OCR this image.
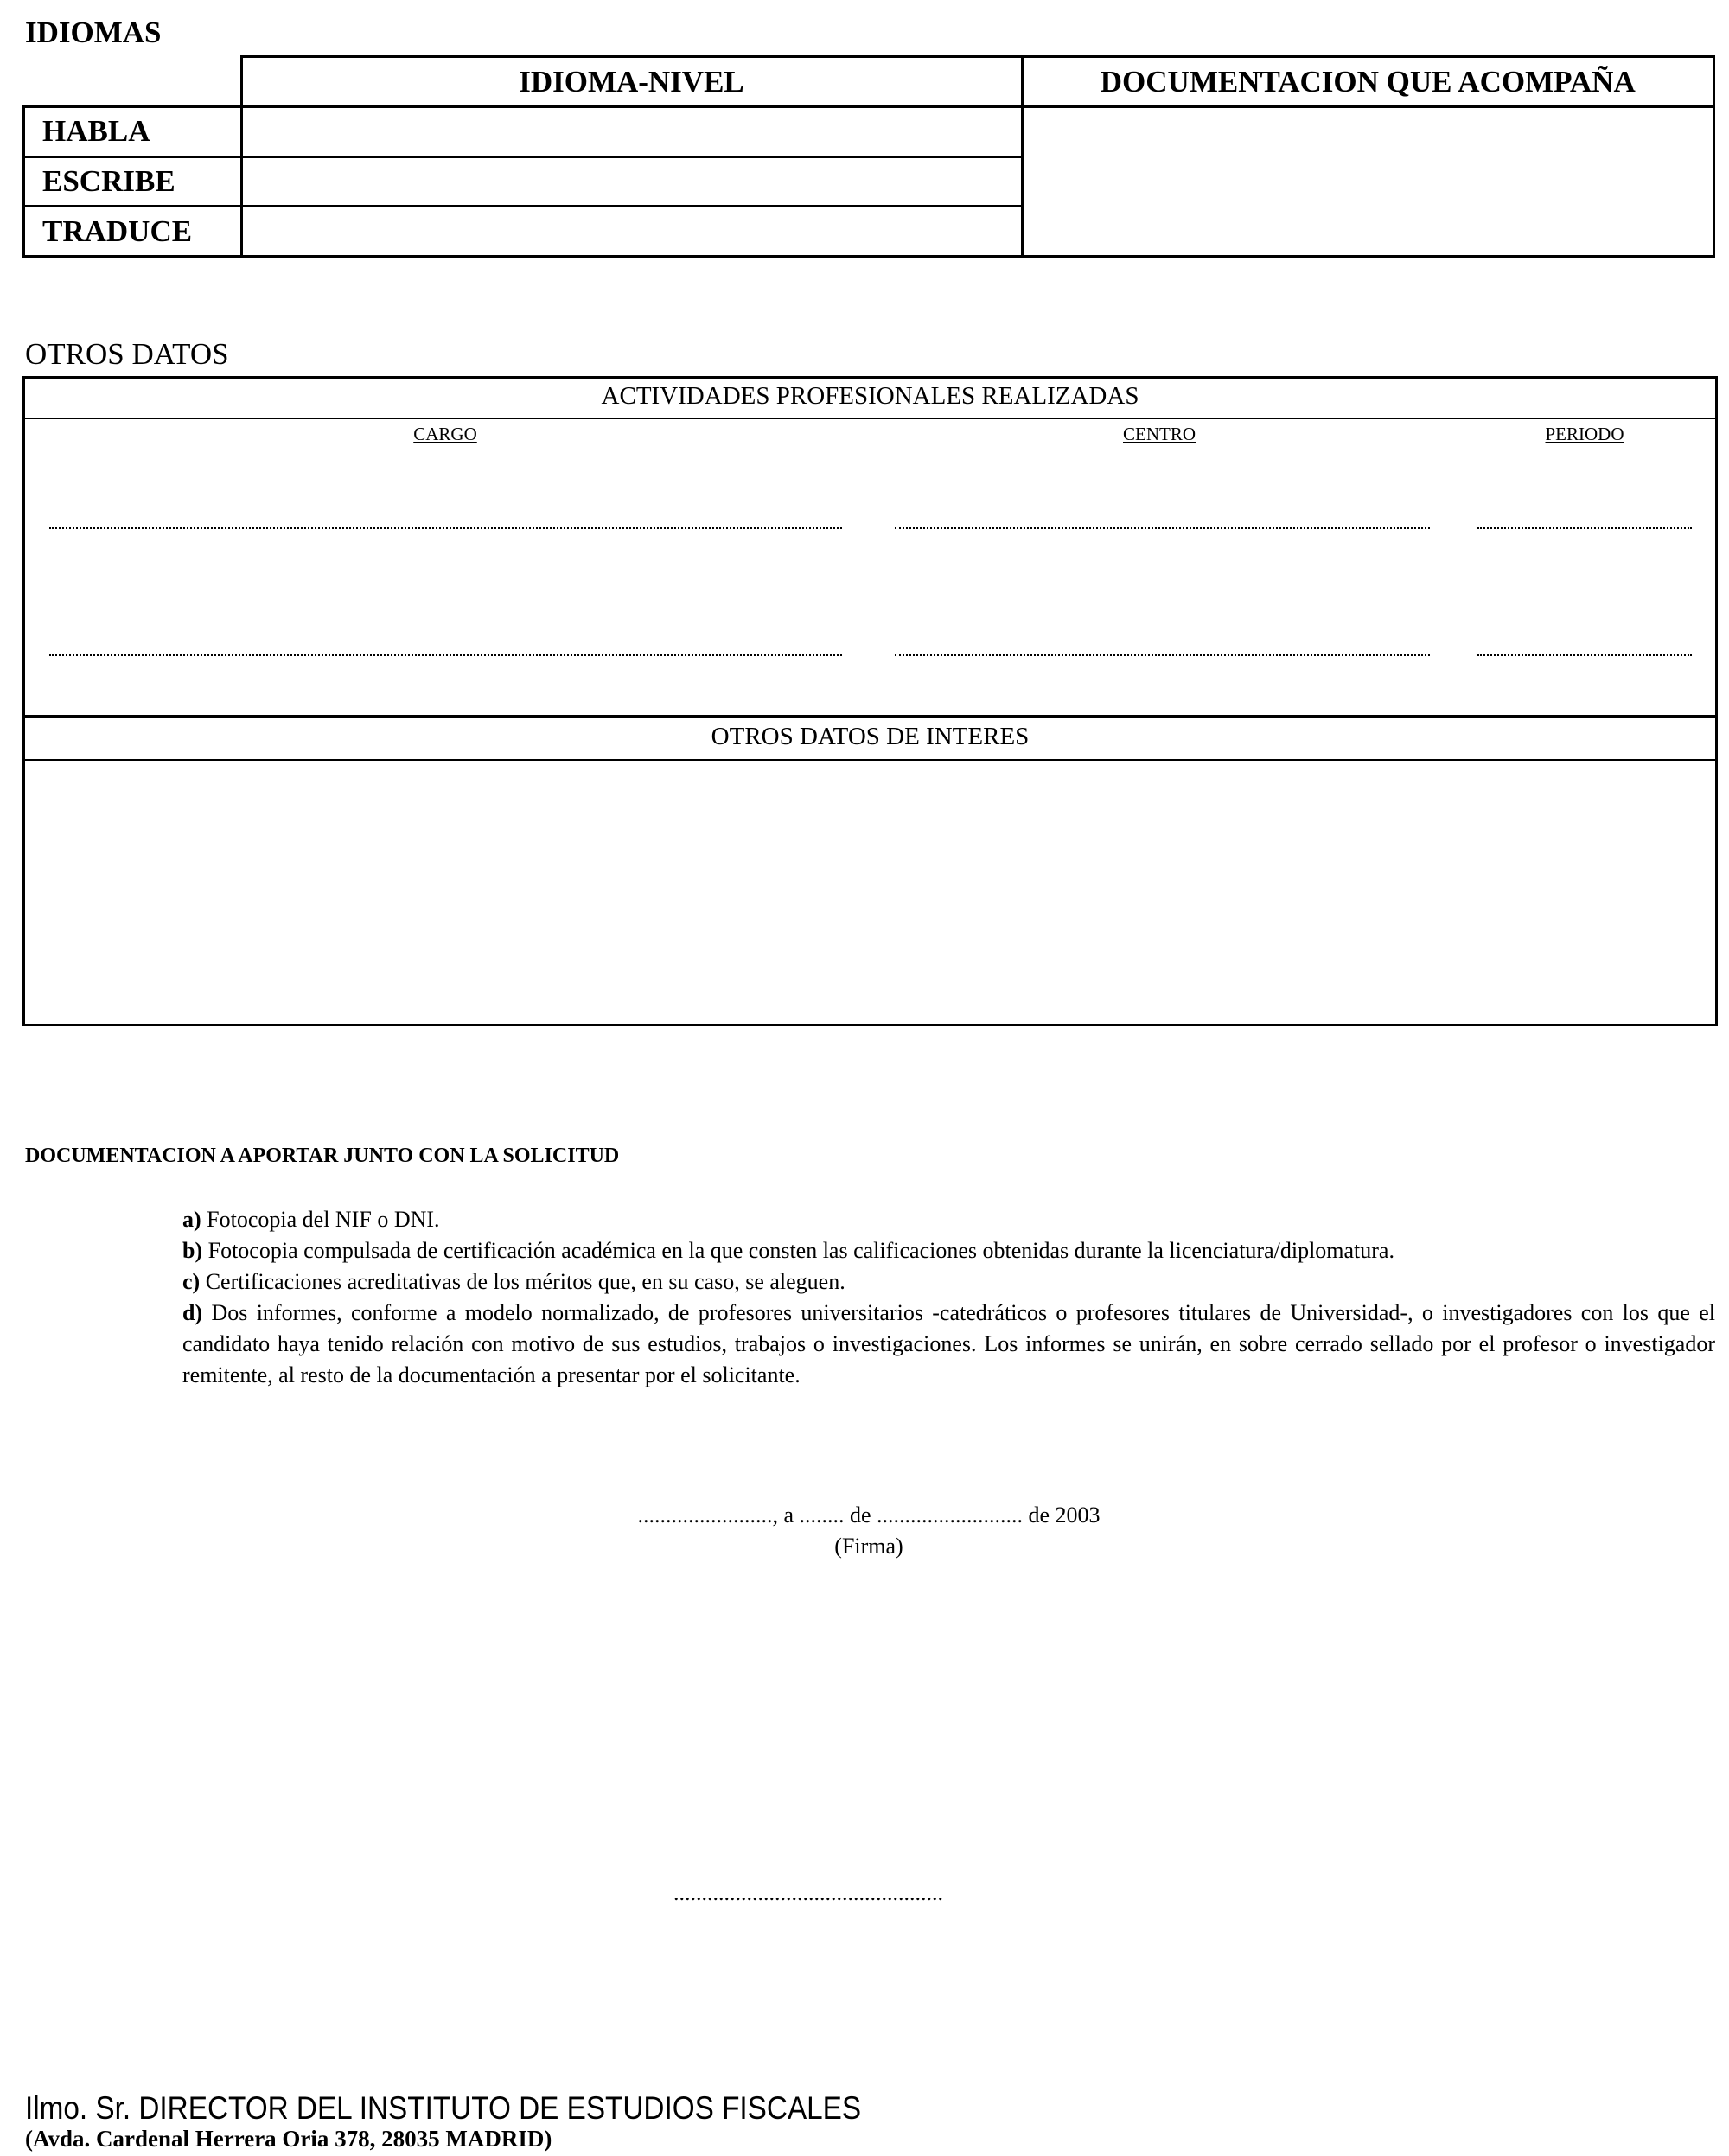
IDIOMAS
	IDIOMA-NIVEL	DOCUMENTACION QUE ACOMPAÑA
HABLA		
ESCRIBE		
TRADUCE		
OTROS DATOS
ACTIVIDADES PROFESIONALES REALIZADAS
CARGO	CENTRO	PERIODO
OTROS DATOS DE INTERES
DOCUMENTACION A APORTAR JUNTO CON LA SOLICITUD

a) Fotocopia del NIF o DNI.

b) Fotocopia compulsada de certificación académica en la que consten las calificaciones obtenidas durante la licenciatura/diplomatura.

c) Certificaciones acreditativas de los méritos que, en su caso, se aleguen.

d) Dos informes, conforme a modelo normalizado, de profesores universitarios -catedráticos o profesores titulares de Universidad-, o investigadores con los que el candidato haya tenido relación con motivo de sus estudios, trabajos o investigaciones. Los informes se unirán, en sobre cerrado sellado por el profesor o investigador remitente, al resto de la documentación a presentar por el solicitante.

........................, a ........ de .......................... de 2003
(Firma)
................................................
Ilmo. Sr. DIRECTOR DEL INSTITUTO DE ESTUDIOS FISCALES
(Avda. Cardenal Herrera Oria 378, 28035 MADRID)
